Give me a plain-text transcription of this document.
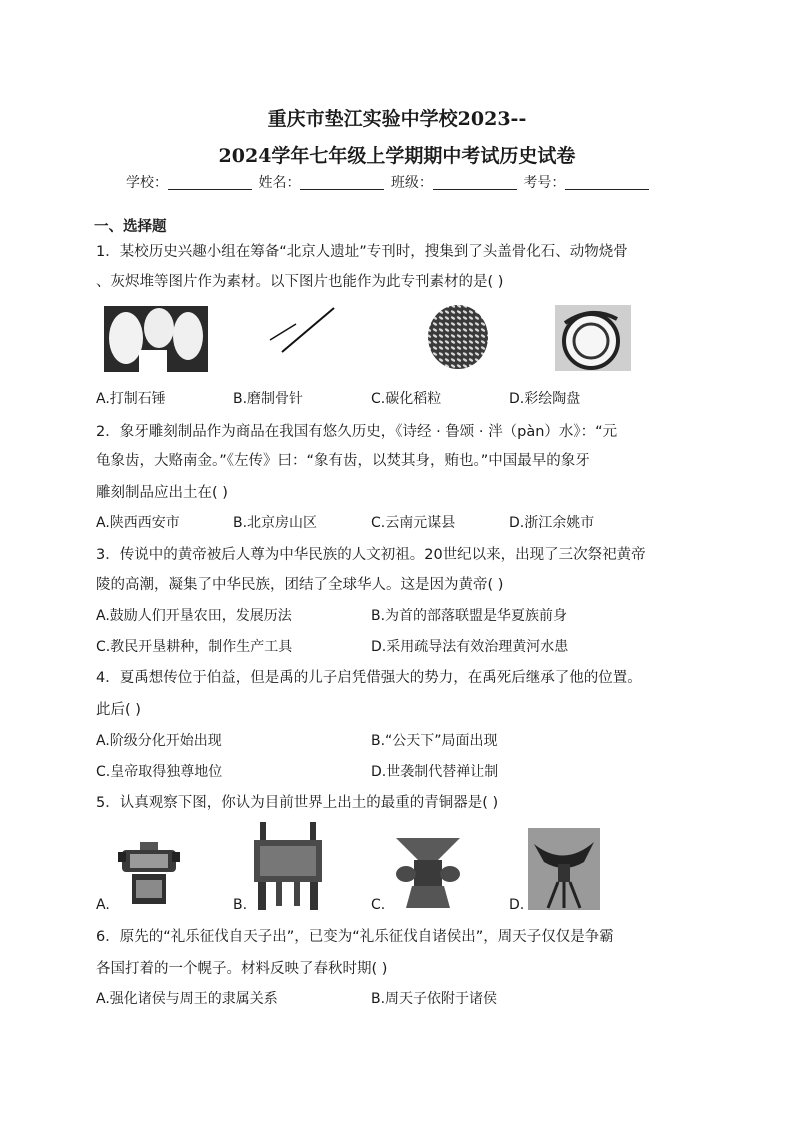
重庆市垫江实验中学校2023--
2024学年七年级上学期期中考试历史试卷
学校：	姓名：	班级：	考号：
一、选择题
1．某校历史兴趣小组在筹备“北京人遗址”专刊时，搜集到了头盖骨化石、动物烧骨
、灰烬堆等图片作为素材。以下图片也能作为此专刊素材的是( )
A.打制石锤	B.磨制骨针	C.碳化稻粒	D.彩绘陶盘
2．象牙雕刻制品作为商品在我国有悠久历史，《诗经 · 鲁颂 · 泮（pàn）水》：“元
龟象齿，大赂南金。”《左传》曰：“象有齿，以焚其身，贿也。”中国最早的象牙
雕刻制品应出土在( )
A.陕西西安市	B.北京房山区	C.云南元谋县	D.浙江余姚市
3．传说中的黄帝被后人尊为中华民族的人文初祖。20世纪以来，出现了三次祭祀黄帝
陵的高潮，凝集了中华民族，团结了全球华人。这是因为黄帝( )
A.鼓励人们开垦农田，发展历法	B.为首的部落联盟是华夏族前身
C.教民开垦耕种，制作生产工具	D.采用疏导法有效治理黄河水患
4．夏禹想传位于伯益，但是禹的儿子启凭借强大的势力，在禹死后继承了他的位置。
此后( )
A.阶级分化开始出现	B.“公天下”局面出现
C.皇帝取得独尊地位	D.世袭制代替禅让制
5．认真观察下图，你认为目前世界上出土的最重的青铜器是( )
A.	B.	C.	D.
6．原先的“礼乐征伐自天子出”，已变为“礼乐征伐自诸侯出”，周天子仅仅是争霸
各国打着的一个幌子。材料反映了春秋时期( )
A.强化诸侯与周王的隶属关系	B.周天子依附于诸侯
